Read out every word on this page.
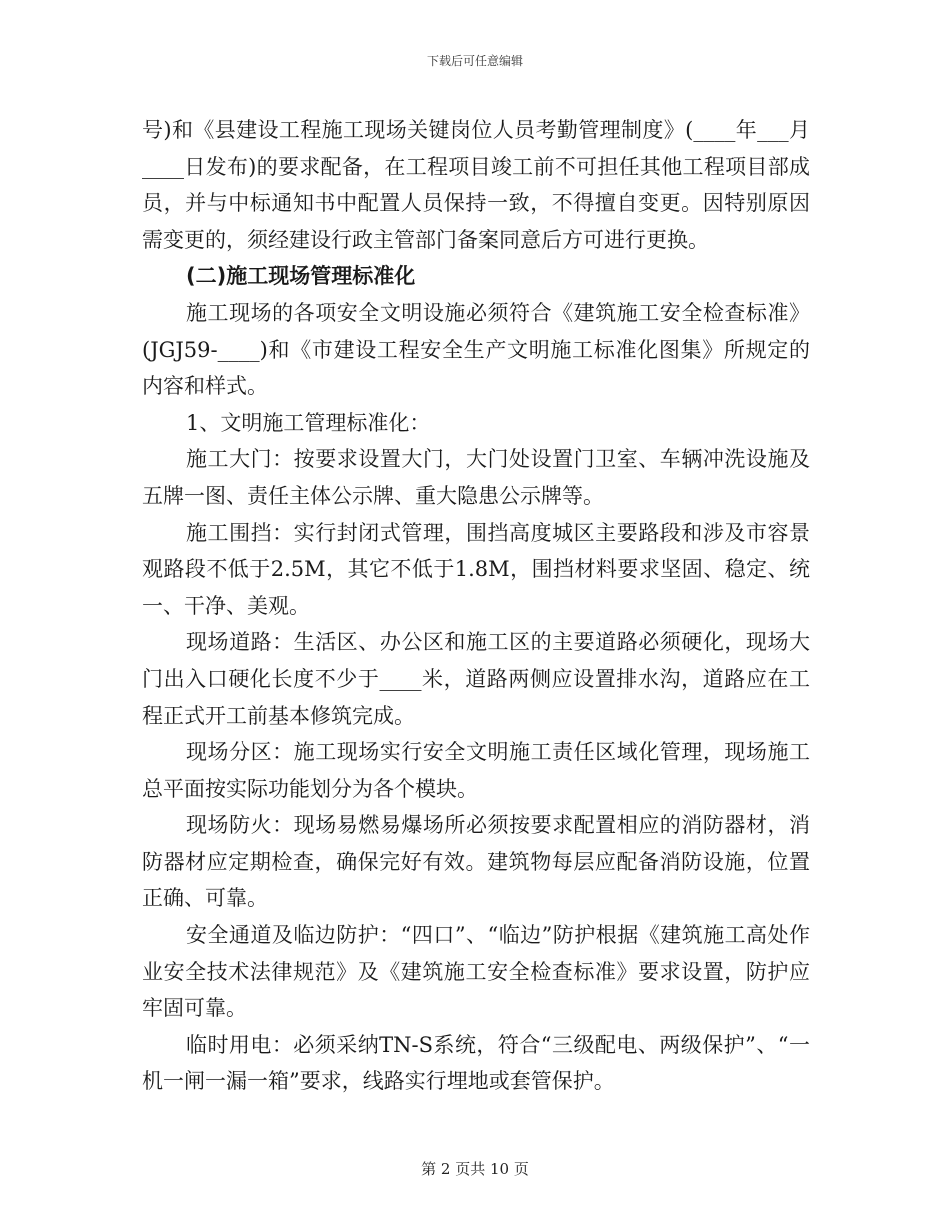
下载后可任意编辑

号)和《县建设工程施工现场关键岗位人员考勤管理制度》(____年___月____日发布)的要求配备，在工程项目竣工前不可担任其他工程项目部成员，并与中标通知书中配置人员保持一致，不得擅自变更。因特别原因需变更的，须经建设行政主管部门备案同意后方可进行更换。

(二)施工现场管理标准化

施工现场的各项安全文明设施必须符合《建筑施工安全检查标准》(JGJ59-____)和《市建设工程安全生产文明施工标准化图集》所规定的内容和样式。

1、文明施工管理标准化：

施工大门：按要求设置大门，大门处设置门卫室、车辆冲洗设施及五牌一图、责任主体公示牌、重大隐患公示牌等。

施工围挡：实行封闭式管理，围挡高度城区主要路段和涉及市容景观路段不低于2.5M，其它不低于1.8M，围挡材料要求坚固、稳定、统一、干净、美观。

现场道路：生活区、办公区和施工区的主要道路必须硬化，现场大门出入口硬化长度不少于____米，道路两侧应设置排水沟，道路应在工程正式开工前基本修筑完成。

现场分区：施工现场实行安全文明施工责任区域化管理，现场施工总平面按实际功能划分为各个模块。

现场防火：现场易燃易爆场所必须按要求配置相应的消防器材，消防器材应定期检查，确保完好有效。建筑物每层应配备消防设施，位置正确、可靠。

安全通道及临边防护：“四口”、“临边”防护根据《建筑施工高处作业安全技术法律规范》及《建筑施工安全检查标准》要求设置，防护应牢固可靠。

临时用电：必须采纳TN-S系统，符合“三级配电、两级保护”、“一机一闸一漏一箱”要求，线路实行埋地或套管保护。

第 2 页共 10 页
